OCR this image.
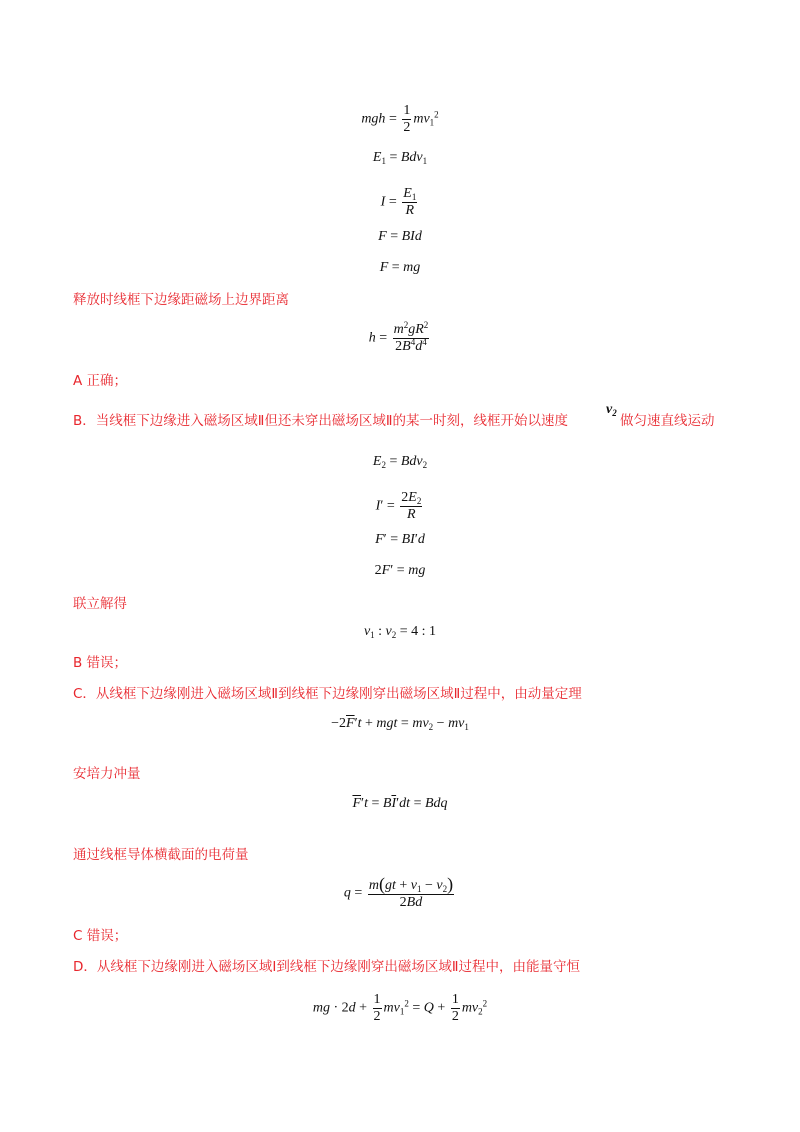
mgh = $\frac{1}{2} mv_1^2$
$E_1 = Bdv_1$
$I = \frac{E_1}{R}$
F = BId
F = mg
释放时线框下边缘距磁场上边界距离
$h = \frac{m^2gR^2}{2B^4d^4}$
A 正确；
B．当线框下边缘进入磁场区域Ⅱ但还未穿出磁场区域Ⅱ的某一时刻，线框开始以速度
$v_2$ 做匀速直线运动
$E_2 = Bdv_2$
$I' = \frac{2E_2}{R}$
F′ = BI′d
2F′ = mg
联立解得
$v_1$ : $v_2 = 4$ : 1
B 错误；
C．从线框下边缘刚进入磁场区域Ⅱ到线框下边缘刚穿出磁场区域Ⅱ过程中，由动量定理
$-2\overline{F}'t$ + mgt = $mv_2 - mv_1$
安培力冲量
$\overline{F}'t = B\overline{I}'dt$ = Bdq
通过线框导体横截面的电荷量
$q = \frac{m(gt + v_1 - v_2)}{2Bd}$
C 错误；
D．从线框下边缘刚进入磁场区域Ⅰ到线框下边缘刚穿出磁场区域Ⅱ过程中，由能量守恒
mg · $2d + \frac{1}{2} mv_1^2 = Q + \frac{1}{2} mv_2^2$
